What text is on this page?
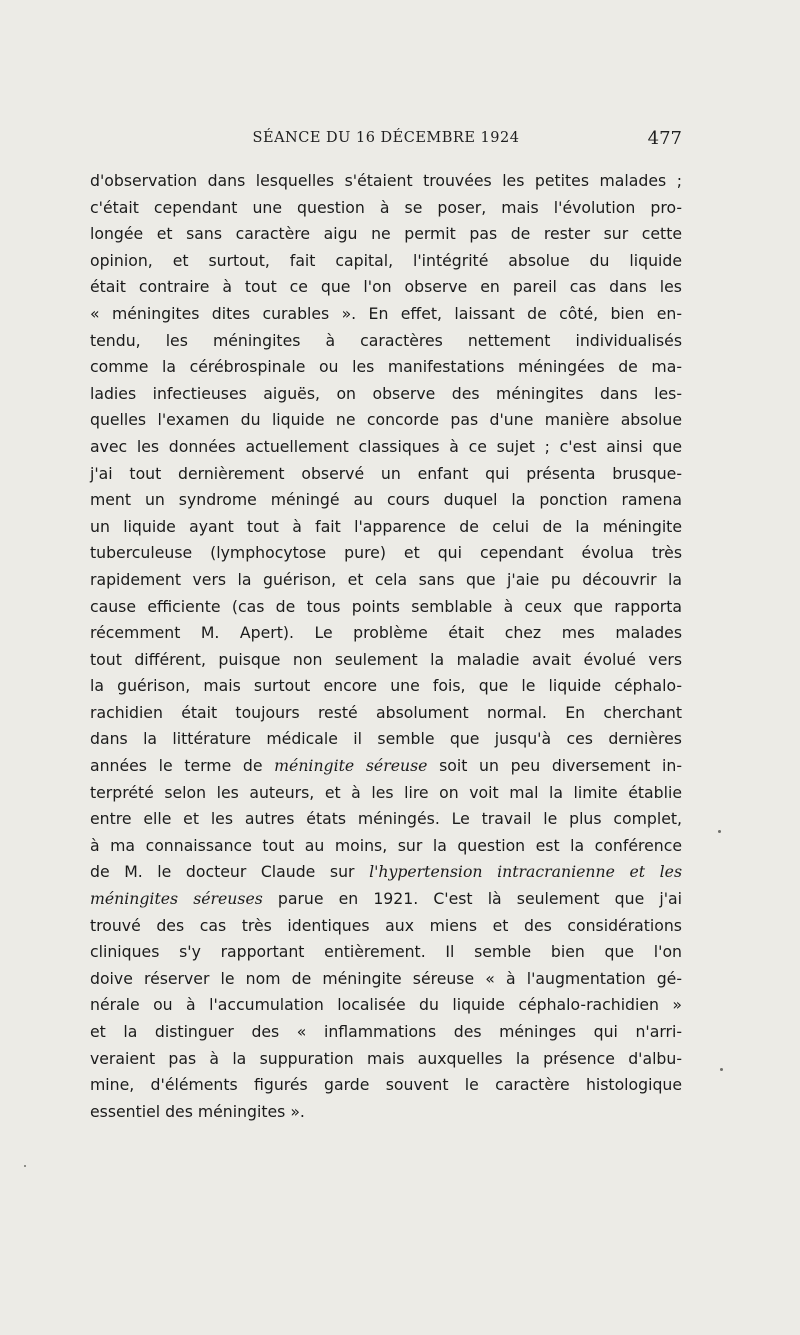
SÉANCE DU 16 DÉCEMBRE 1924	477
d'observation dans lesquelles s'étaient trouvées les petites malades ;
c'était cependant une question à se poser, mais l'évolution pro-
longée et sans caractère aigu ne permit pas de rester sur cette
opinion, et surtout, fait capital, l'intégrité absolue du liquide
était contraire à tout ce que l'on observe en pareil cas dans les
« méningites dites curables ». En effet, laissant de côté, bien en-
tendu, les méningites à caractères nettement individualisés
comme la cérébrospinale ou les manifestations méningées de ma-
ladies infectieuses aiguës, on observe des méningites dans les-
quelles l'examen du liquide ne concorde pas d'une manière absolue
avec les données actuellement classiques à ce sujet ; c'est ainsi que
j'ai tout dernièrement observé un enfant qui présenta brusque-
ment un syndrome méningé au cours duquel la ponction ramena
un liquide ayant tout à fait l'apparence de celui de la méningite
tuberculeuse (lymphocytose pure) et qui cependant évolua très
rapidement vers la guérison, et cela sans que j'aie pu découvrir la
cause efficiente (cas de tous points semblable à ceux que rapporta
récemment M. Apert). Le problème était chez mes malades
tout différent, puisque non seulement la maladie avait évolué vers
la guérison, mais surtout encore une fois, que le liquide céphalo-
rachidien était toujours resté absolument normal. En cherchant
dans la littérature médicale il semble que jusqu'à ces dernières
années le terme de méningite séreuse soit un peu diversement in-
terprété selon les auteurs, et à les lire on voit mal la limite établie
entre elle et les autres états méningés. Le travail le plus complet,
à ma connaissance tout au moins, sur la question est la conférence
de M. le docteur Claude sur l'hypertension intracranienne et les
méningites séreuses parue en 1921. C'est là seulement que j'ai
trouvé des cas très identiques aux miens et des considérations
cliniques s'y rapportant entièrement. Il semble bien que l'on
doive réserver le nom de méningite séreuse « à l'augmentation gé-
nérale ou à l'accumulation localisée du liquide céphalo-rachidien »
et la distinguer des « inflammations des méninges qui n'arri-
veraient pas à la suppuration mais auxquelles la présence d'albu-
mine, d'éléments figurés garde souvent le caractère histologique
essentiel des méningites ».
